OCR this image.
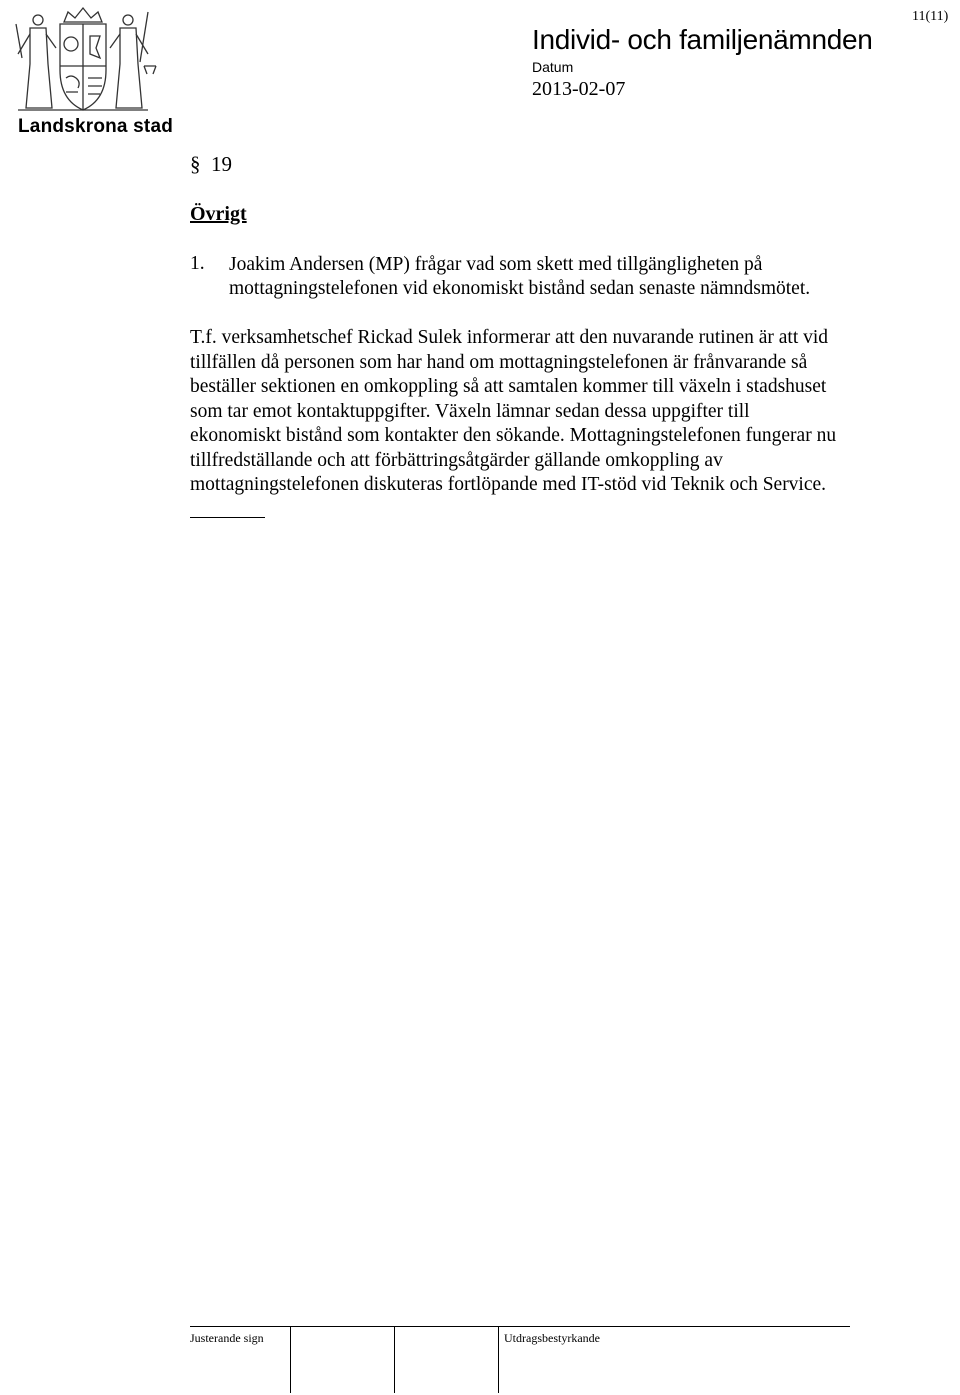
Landskrona stad
11(11)
Individ- och familjenämnden
Datum
2013-02-07
§ 19
Övrigt
1. Joakim Andersen (MP) frågar vad som skett med tillgängligheten på mottagningstelefonen vid ekonomiskt bistånd sedan senaste nämndsmötet.
T.f. verksamhetschef Rickad Sulek informerar att den nuvarande rutinen är att vid
tillfällen då personen som har hand om mottagningstelefonen är frånvarande så
beställer sektionen en omkoppling så att samtalen kommer till växeln i stadshuset
som tar emot kontaktuppgifter. Växeln lämnar sedan dessa uppgifter till
ekonomiskt bistånd som kontakter den sökande. Mottagningstelefonen fungerar nu
tillfredställande och att förbättringsåtgärder gällande omkoppling av
mottagningstelefonen diskuteras fortlöpande med IT-stöd vid Teknik och Service.
Justerande sign	Utdragsbestyrkande
